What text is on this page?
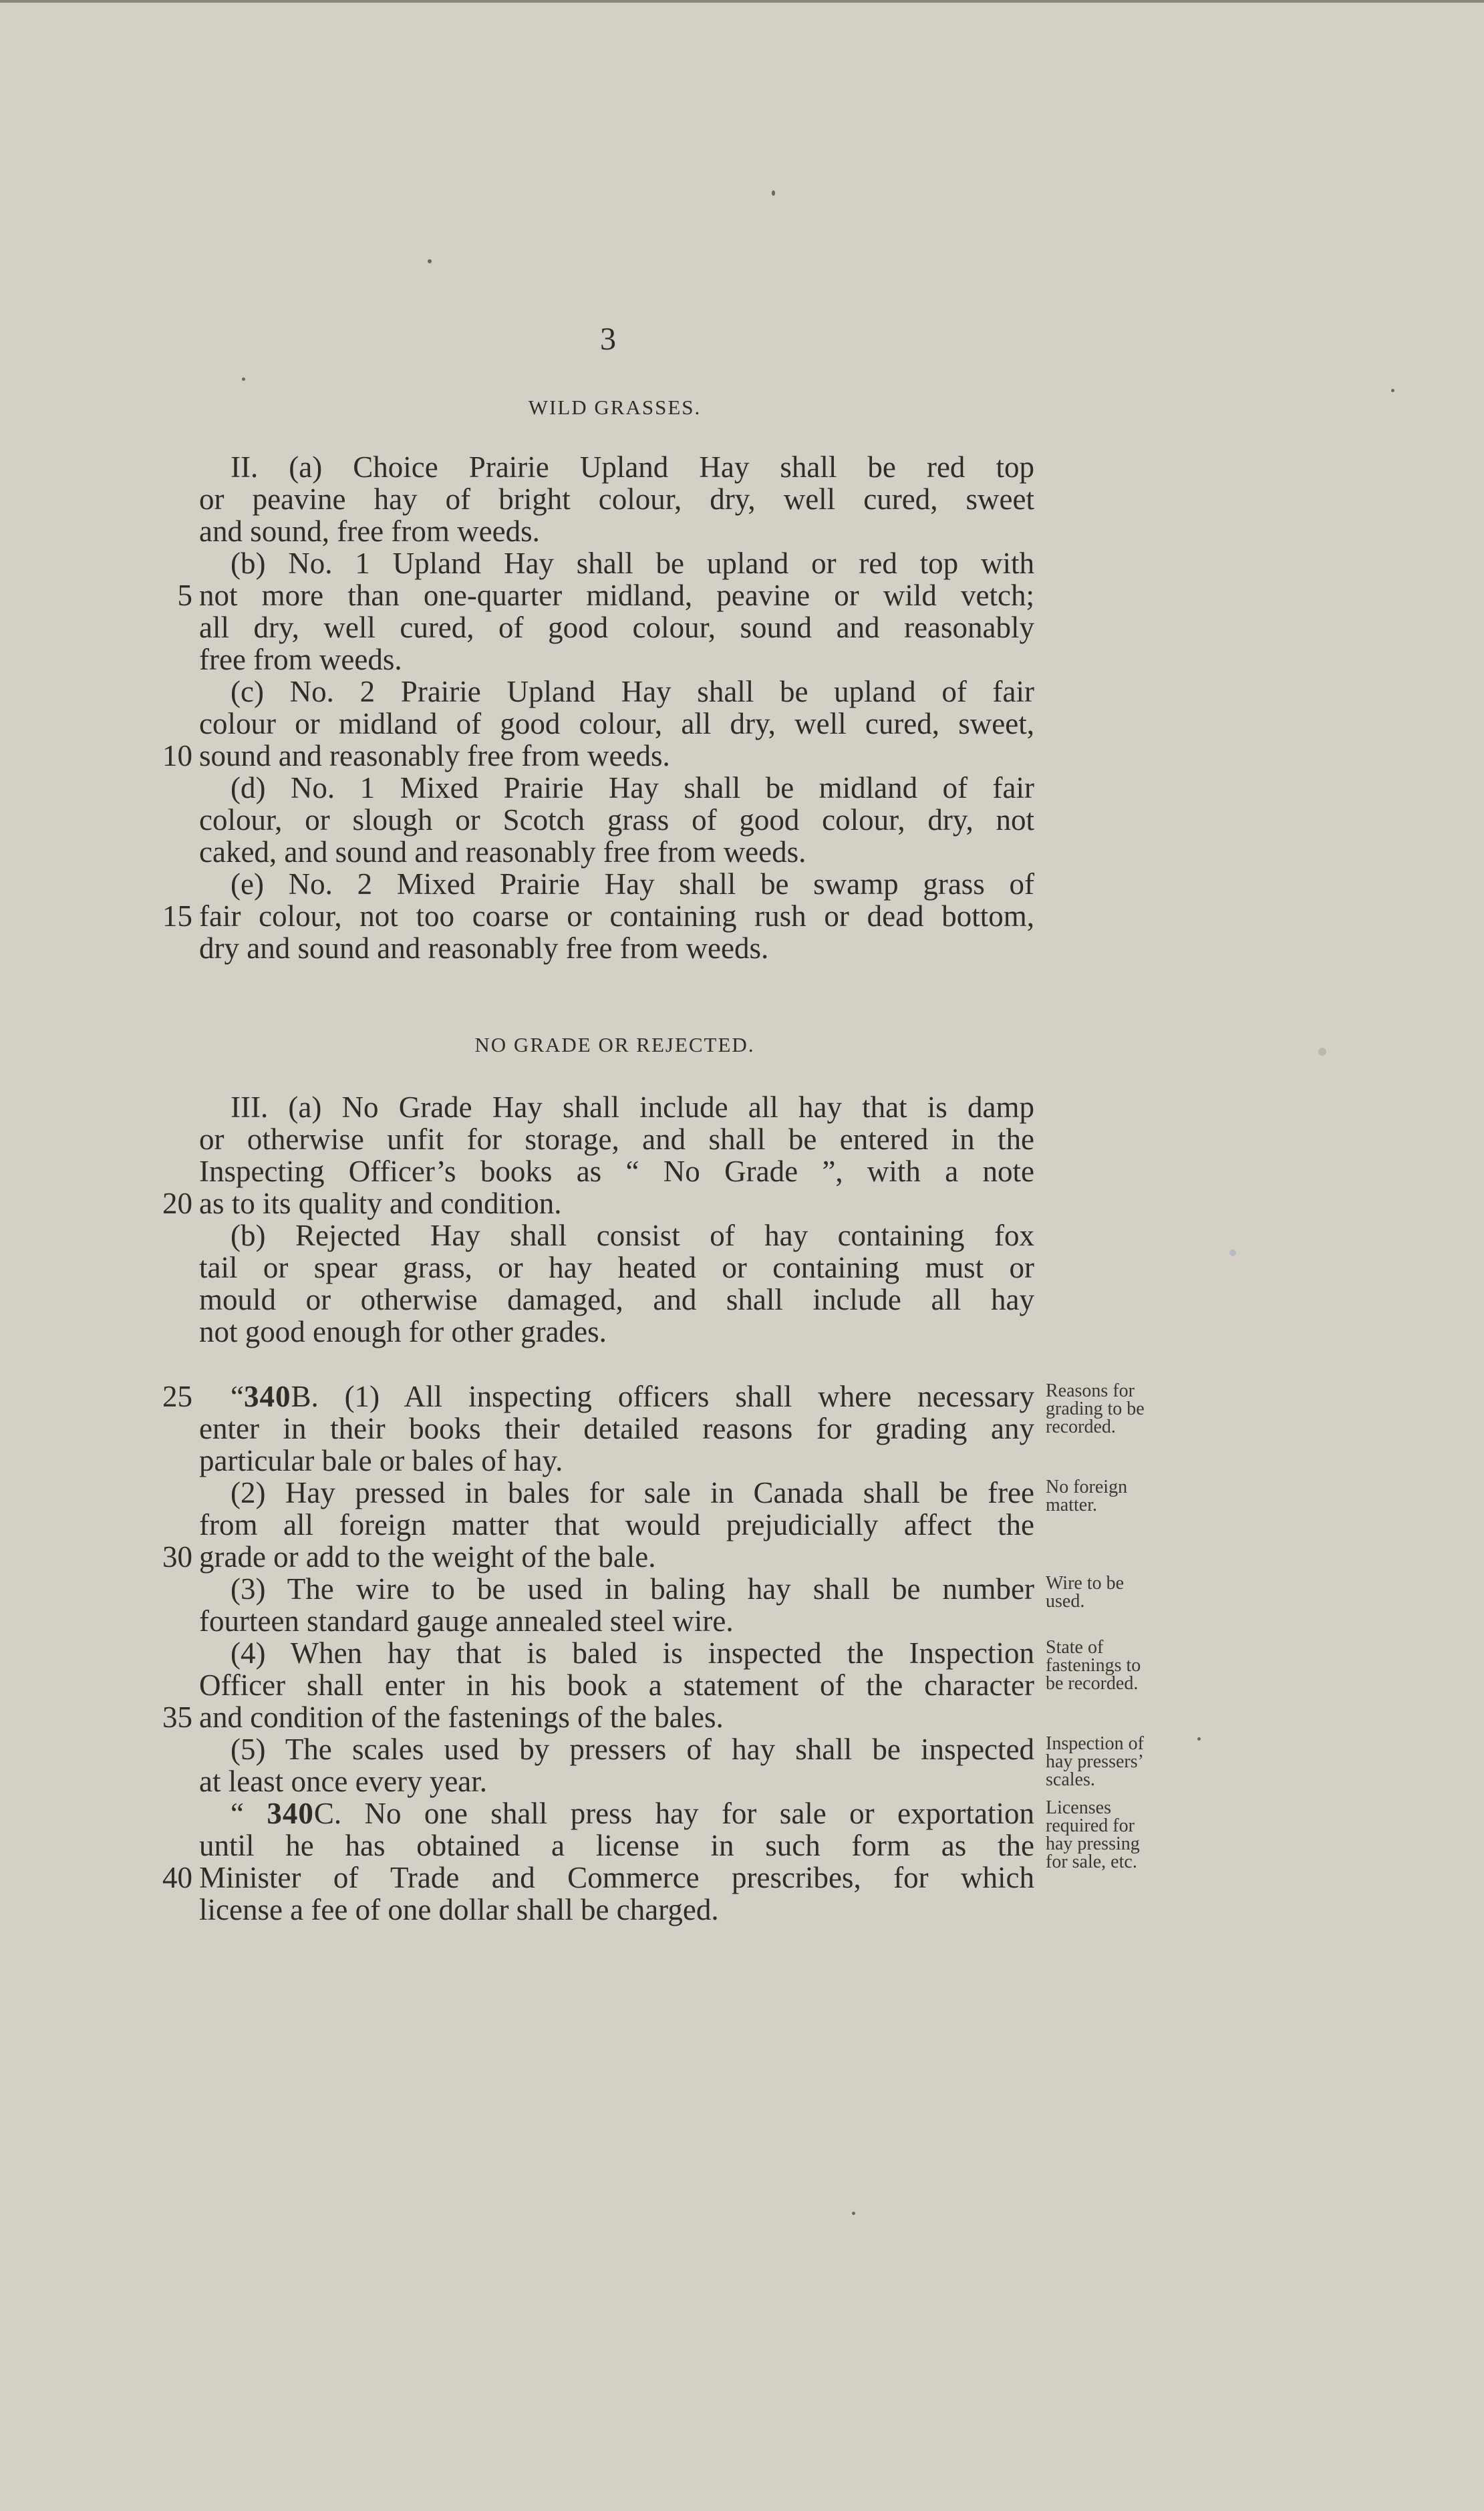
3
WILD GRASSES.
II. (a) Choice Prairie Upland Hay shall be red top
or peavine hay of bright colour, dry, well cured, sweet
and sound, free from weeds.
(b) No. 1 Upland Hay shall be upland or red top with
5 not more than one-quarter midland, peavine or wild vetch;
all dry, well cured, of good colour, sound and reasonably
free from weeds.
(c) No. 2 Prairie Upland Hay shall be upland of fair
colour or midland of good colour, all dry, well cured, sweet,
10 sound and reasonably free from weeds.
(d) No. 1 Mixed Prairie Hay shall be midland of fair
colour, or slough or Scotch grass of good colour, dry, not
caked, and sound and reasonably free from weeds.
(e) No. 2 Mixed Prairie Hay shall be swamp grass of
15 fair colour, not too coarse or containing rush or dead bottom,
dry and sound and reasonably free from weeds.
NO GRADE OR REJECTED.
III. (a) No Grade Hay shall include all hay that is damp
or otherwise unfit for storage, and shall be entered in the
Inspecting Officer’s books as “ No Grade ”, with a note
20 as to its quality and condition.
(b) Rejected Hay shall consist of hay containing fox
tail or spear grass, or hay heated or containing must or
mould or otherwise damaged, and shall include all hay
not good enough for other grades.
25 “340B. (1) All inspecting officers shall where necessary
enter in their books their detailed reasons for grading any
particular bale or bales of hay.
(2) Hay pressed in bales for sale in Canada shall be free
from all foreign matter that would prejudicially affect the
30 grade or add to the weight of the bale.
(3) The wire to be used in baling hay shall be number
fourteen standard gauge annealed steel wire.
(4) When hay that is baled is inspected the Inspection
Officer shall enter in his book a statement of the character
35 and condition of the fastenings of the bales.
(5) The scales used by pressers of hay shall be inspected
at least once every year.
“ 340C. No one shall press hay for sale or exportation
until he has obtained a license in such form as the
40 Minister of Trade and Commerce prescribes, for which
license a fee of one dollar shall be charged.
Reasons for
grading to be
recorded.
No foreign
matter.
Wire to be
used.
State of
fastenings to
be recorded.
Inspection of
hay pressers’
scales.
Licenses
required for
hay pressing
for sale, etc.
